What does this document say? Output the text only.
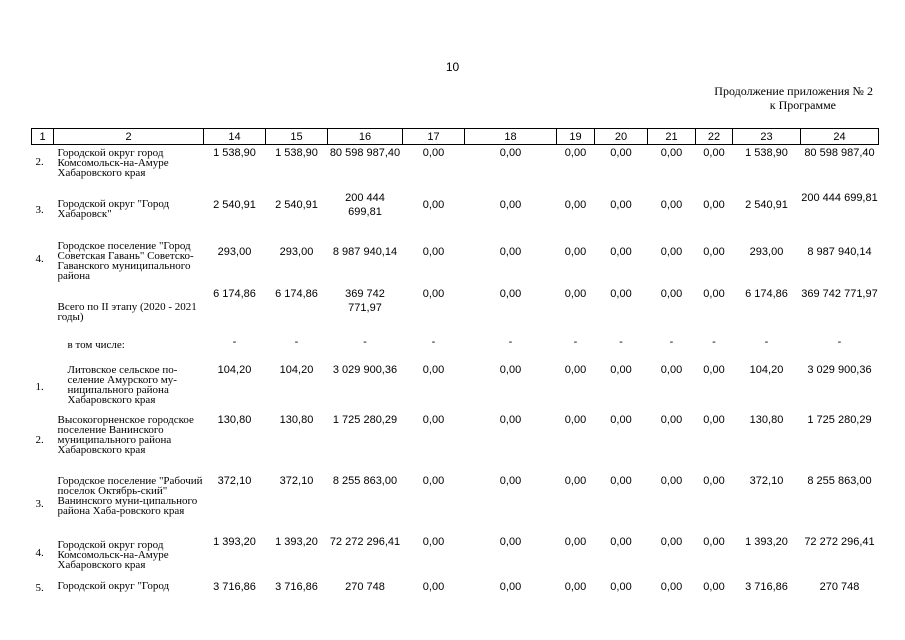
10
Продолжение приложения № 2
к Программе
1	2	14	15	16	17	18	19	20	21	22	23	24
2.	Городской округ город Комсомольск-на-Амурe Хабаровского края	1 538,90	1 538,90	80 598 987,40	0,00	0,00	0,00	0,00	0,00	0,00	1 538,90	80 598 987,40
3.	Городской округ "Город Хабаровск"	2 540,91	2 540,91	200 444 699,81	0,00	0,00	0,00	0,00	0,00	0,00	2 540,91	200 444 699,81
4.	Городское поселение "Город Советская Гавань" Советско-Гаванского муниципального района	293,00	293,00	8 987 940,14	0,00	0,00	0,00	0,00	0,00	0,00	293,00	8 987 940,14
	Всего по II этапу (2020 - 2021 годы)	6 174,86	6 174,86	369 742 771,97	0,00	0,00	0,00	0,00	0,00	0,00	6 174,86	369 742 771,97
	в том числе:	-	-	-	-	-	-	-	-	-	-	-
1.	Литовское сельское по-селение Амурского му-ниципального района Хабаровского края	104,20	104,20	3 029 900,36	0,00	0,00	0,00	0,00	0,00	0,00	104,20	3 029 900,36
2.	Высокогорненское городское поселение Ванинского муниципального района Хабаровского края	130,80	130,80	1 725 280,29	0,00	0,00	0,00	0,00	0,00	0,00	130,80	1 725 280,29
3.	Городское поселение "Рабочий поселок Октябрь-ский" Ванинского муни-ципального района Хаба-ровского края	372,10	372,10	8 255 863,00	0,00	0,00	0,00	0,00	0,00	0,00	372,10	8 255 863,00
4.	Городской округ город Комсомольск-на-Амуре Хабаровского края	1 393,20	1 393,20	72 272 296,41	0,00	0,00	0,00	0,00	0,00	0,00	1 393,20	72 272 296,41
5.	Городской округ "Город	3 716,86	3 716,86	270 748	0,00	0,00	0,00	0,00	0,00	0,00	3 716,86	270 748
